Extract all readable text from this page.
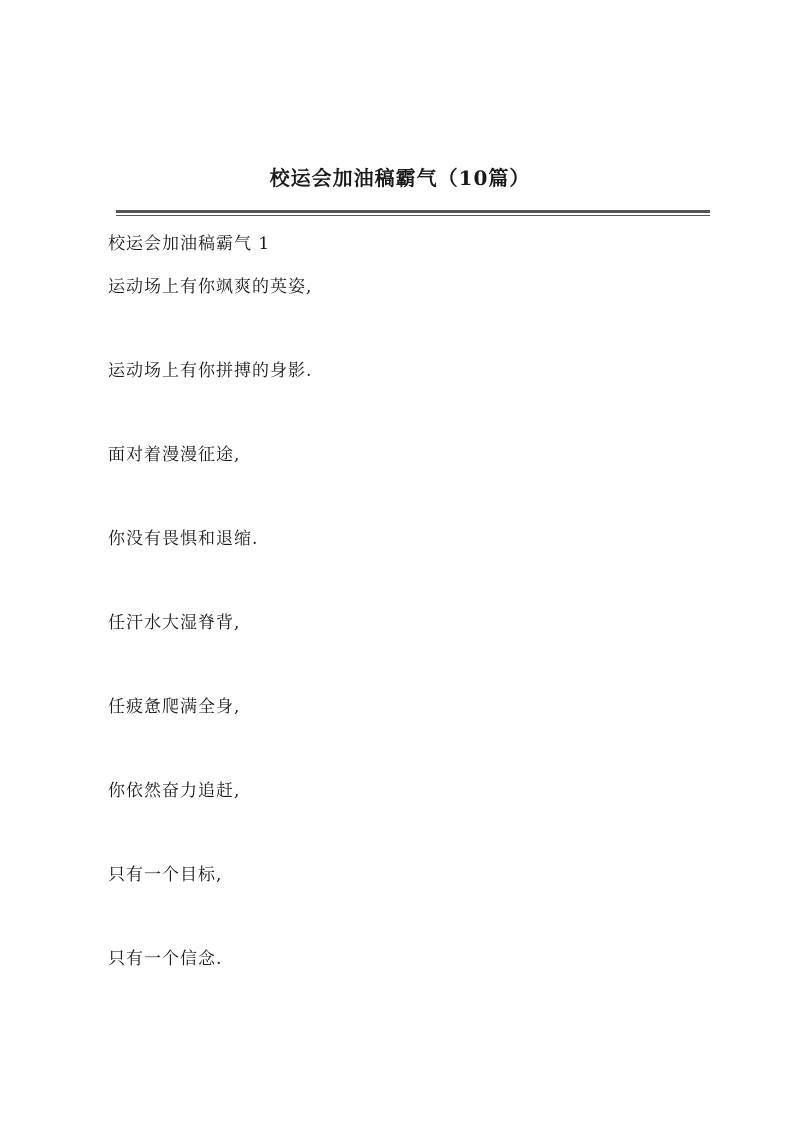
校运会加油稿霸气（10篇）
校运会加油稿霸气 1
运动场上有你飒爽的英姿,
运动场上有你拼搏的身影.
面对着漫漫征途,
你没有畏惧和退缩.
任汗水大湿脊背,
任疲惫爬满全身,
你依然奋力追赶,
只有一个目标,
只有一个信念.
